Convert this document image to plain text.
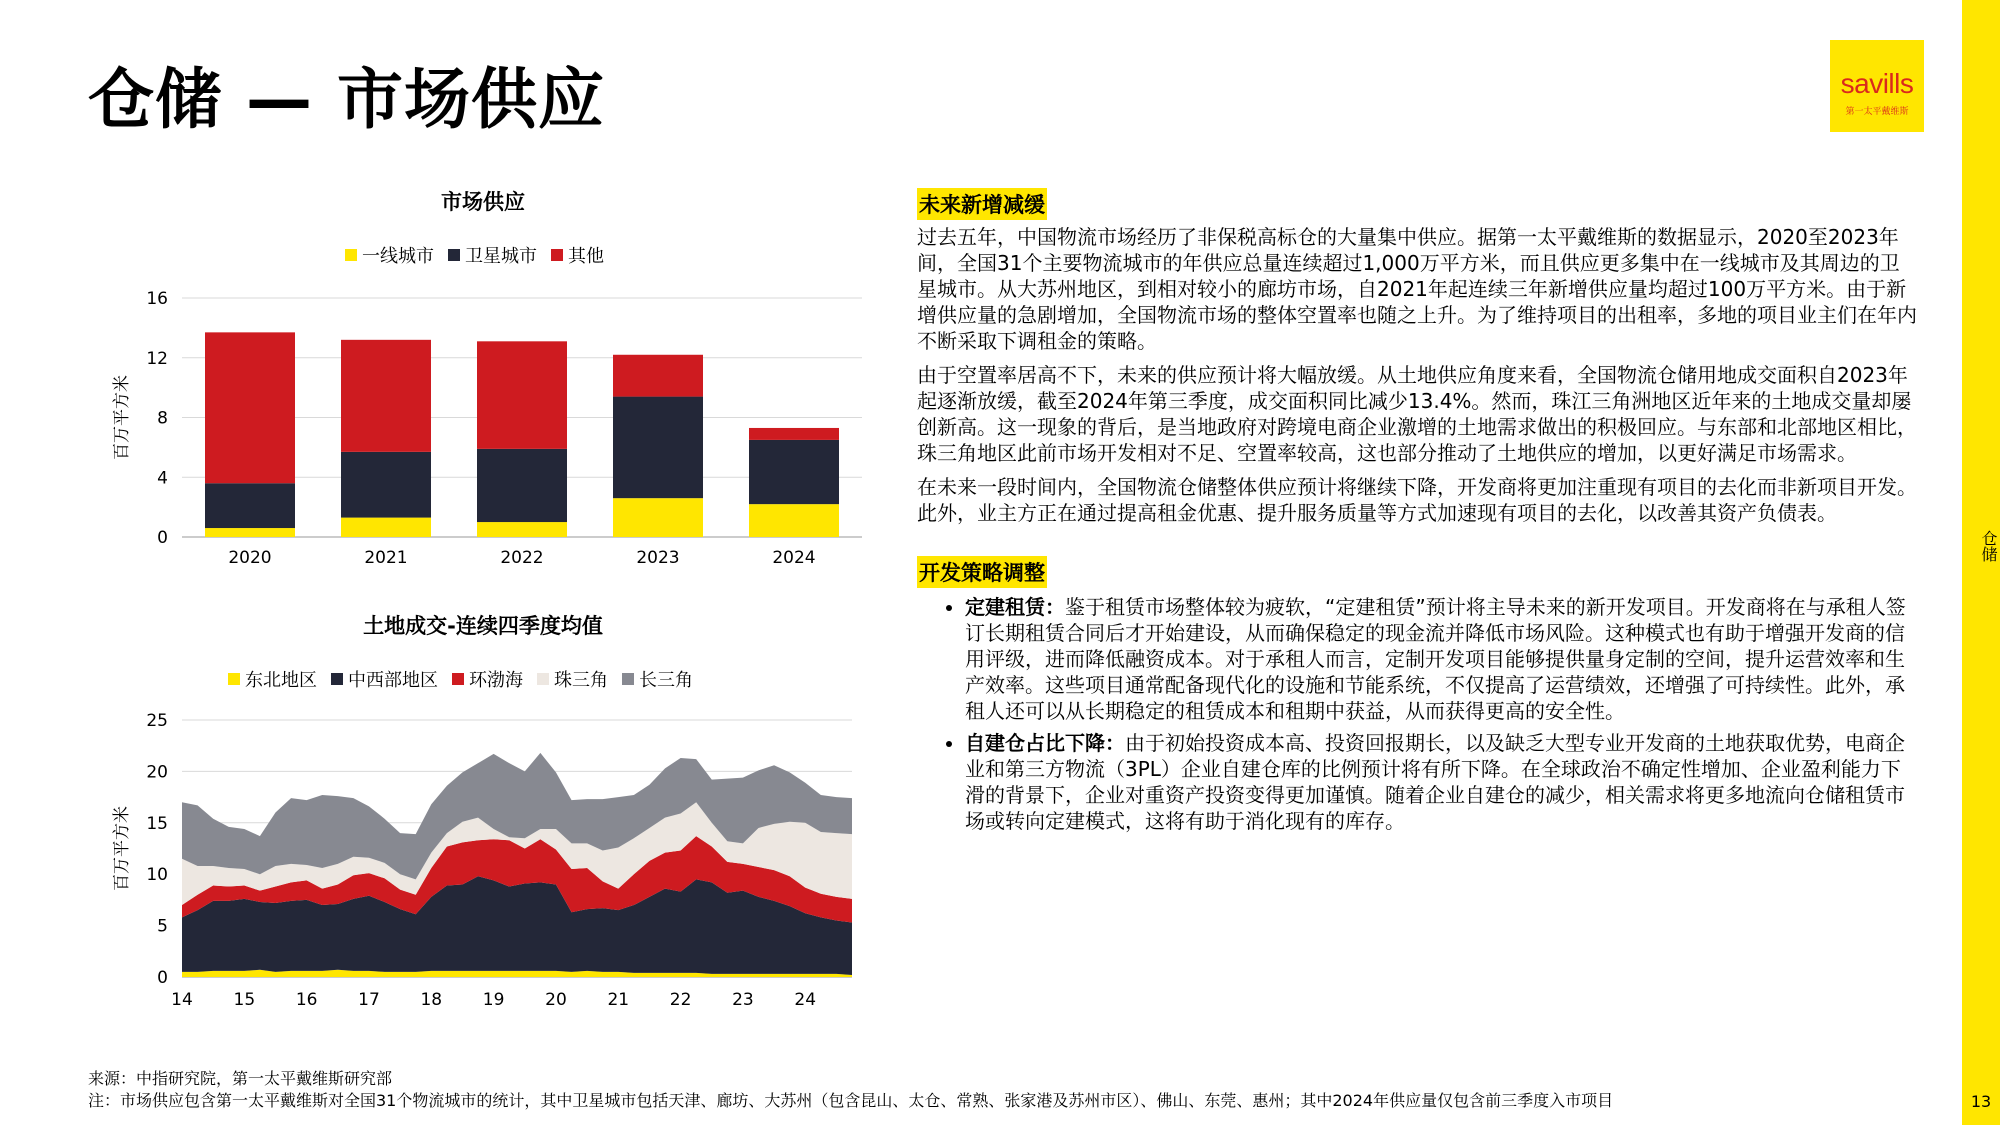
仓储 — 市场供应	savills
第一太平戴维斯
仓储
13
市场供应
一线城市 卫星城市 其他
0
4
8
12
16
2020	2021	2022	2023	2024
百万平方米
土地成交-连续四季度均值
东北地区 中西部地区 环渤海 珠三角 长三角
0
5
10
15
20
25
14 15 16 17 18 19 20 21 22 23 24
百万平方米
未来新增减缓

过去五年，中国物流市场经历了非保税高标仓的大量集中供应。据第一太平戴维斯的数据显示，2020至2023年间，全国31个主要物流城市的年供应总量连续超过1,000万平方米，而且供应更多集中在一线城市及其周边的卫星城市。从大苏州地区，到相对较小的廊坊市场，自2021年起连续三年新增供应量均超过100万平方米。由于新增供应量的急剧增加，全国物流市场的整体空置率也随之上升。为了维持项目的出租率，多地的项目业主们在年内不断采取下调租金的策略。

由于空置率居高不下，未来的供应预计将大幅放缓。从土地供应角度来看，全国物流仓储用地成交面积自2023年起逐渐放缓，截至2024年第三季度，成交面积同比减少13.4%。然而，珠江三角洲地区近年来的土地成交量却屡创新高。这一现象的背后，是当地政府对跨境电商企业激增的土地需求做出的积极回应。与东部和北部地区相比，珠三角地区此前市场开发相对不足、空置率较高，这也部分推动了土地供应的增加，以更好满足市场需求。

在未来一段时间内，全国物流仓储整体供应预计将继续下降，开发商将更加注重现有项目的去化而非新项目开发。此外，业主方正在通过提高租金优惠、提升服务质量等方式加速现有项目的去化，以改善其资产负债表。

开发策略调整
• 定建租赁：鉴于租赁市场整体较为疲软，“定建租赁”预计将主导未来的新开发项目。开发商将在与承租人签订长期租赁合同后才开始建设，从而确保稳定的现金流并降低市场风险。这种模式也有助于增强开发商的信用评级，进而降低融资成本。对于承租人而言，定制开发项目能够提供量身定制的空间，提升运营效率和生产效率。这些项目通常配备现代化的设施和节能系统，不仅提高了运营绩效，还增强了可持续性。此外，承租人还可以从长期稳定的租赁成本和租期中获益，从而获得更高的安全性。
• 自建仓占比下降：由于初始投资成本高、投资回报期长，以及缺乏大型专业开发商的土地获取优势，电商企业和第三方物流（3PL）企业自建仓库的比例预计将有所下降。在全球政治不确定性增加、企业盈利能力下滑的背景下，企业对重资产投资变得更加谨慎。随着企业自建仓的减少，相关需求将更多地流向仓储租赁市场或转向定建模式，这将有助于消化现有的库存。
来源：中指研究院，第一太平戴维斯研究部
注：市场供应包含第一太平戴维斯对全国31个物流城市的统计，其中卫星城市包括天津、廊坊、大苏州（包含昆山、太仓、常熟、张家港及苏州市区）、佛山、东莞、惠州；其中2024年供应量仅包含前三季度入市项目
